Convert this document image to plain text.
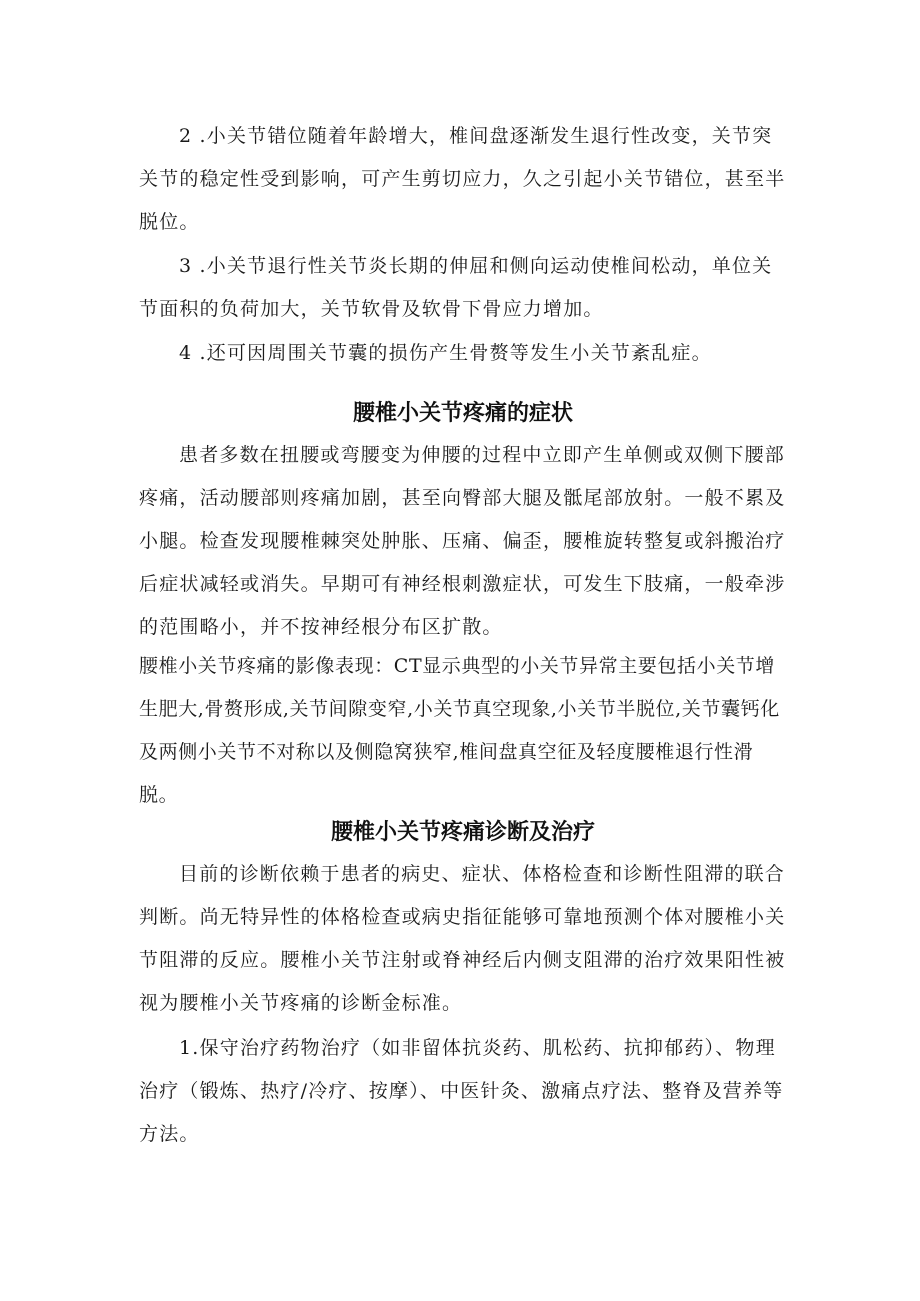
2 .小关节错位随着年龄增大，椎间盘逐渐发生退行性改变，关节突关节的稳定性受到影响，可产生剪切应力，久之引起小关节错位，甚至半脱位。

3 .小关节退行性关节炎长期的伸屈和侧向运动使椎间松动，单位关节面积的负荷加大，关节软骨及软骨下骨应力增加。

4 .还可因周围关节囊的损伤产生骨赘等发生小关节紊乱症。

腰椎小关节疼痛的症状

患者多数在扭腰或弯腰变为伸腰的过程中立即产生单侧或双侧下腰部疼痛，活动腰部则疼痛加剧，甚至向臀部大腿及骶尾部放射。一般不累及小腿。检查发现腰椎棘突处肿胀、压痛、偏歪，腰椎旋转整复或斜搬治疗后症状减轻或消失。早期可有神经根刺激症状，可发生下肢痛，一般牵涉的范围略小，并不按神经根分布区扩散。

腰椎小关节疼痛的影像表现：CT显示典型的小关节异常主要包括小关节增生肥大,骨赘形成,关节间隙变窄,小关节真空现象,小关节半脱位,关节囊钙化及两侧小关节不对称以及侧隐窝狭窄,椎间盘真空征及轻度腰椎退行性滑脱。

腰椎小关节疼痛诊断及治疗

目前的诊断依赖于患者的病史、症状、体格检查和诊断性阻滞的联合判断。尚无特异性的体格检查或病史指征能够可靠地预测个体对腰椎小关节阻滞的反应。腰椎小关节注射或脊神经后内侧支阻滞的治疗效果阳性被视为腰椎小关节疼痛的诊断金标准。

1.保守治疗药物治疗（如非留体抗炎药、肌松药、抗抑郁药）、物理治疗（锻炼、热疗/冷疗、按摩）、中医针灸、激痛点疗法、整脊及营养等方法。
